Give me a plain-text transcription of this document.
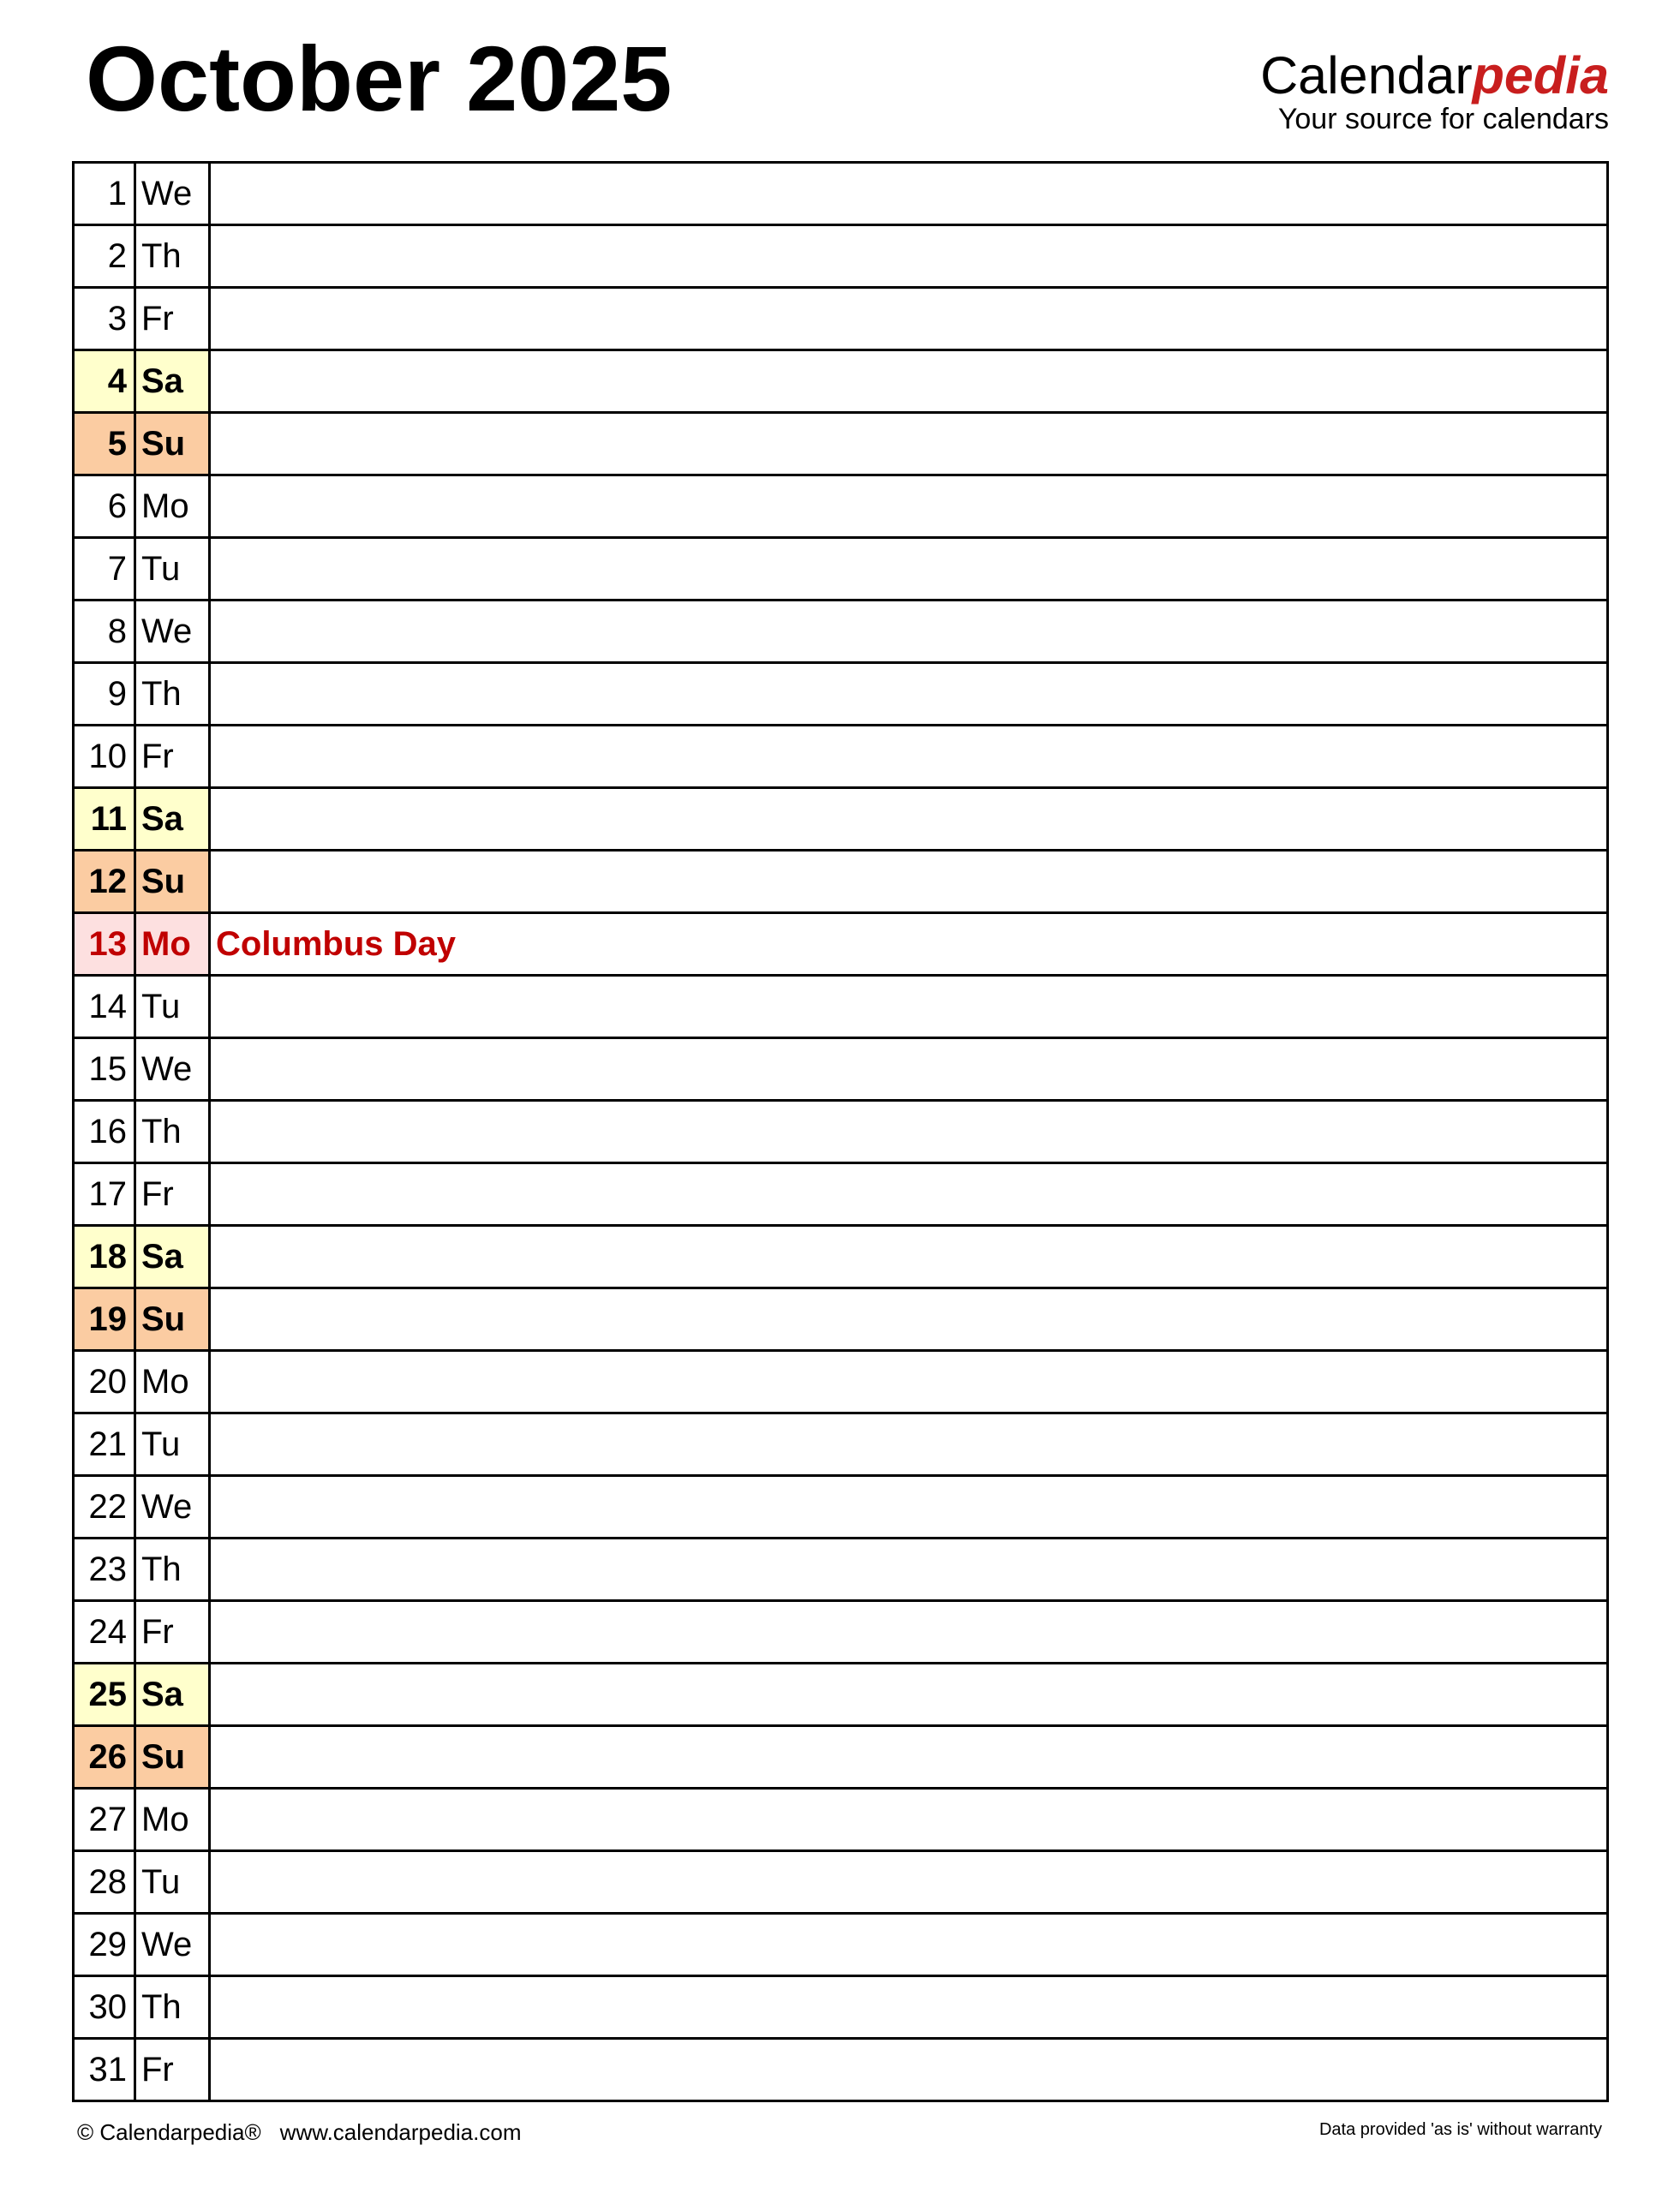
October 2025	Calendarpedia
Your source for calendars
1 We
2 Th
3 Fr
4 Sa
5 Su
6 Mo
7 Tu
8 We
9 Th
10 Fr
11 Sa
12 Su
13 Mo Columbus Day
14 Tu
15 We
16 Th
17 Fr
18 Sa
19 Su
20 Mo
21 Tu
22 We
23 Th
24 Fr
25 Sa
26 Su
27 Mo
28 Tu
29 We
30 Th
31 Fr
© Calendarpedia® www.calendarpedia.com	Data provided 'as is' without warranty
